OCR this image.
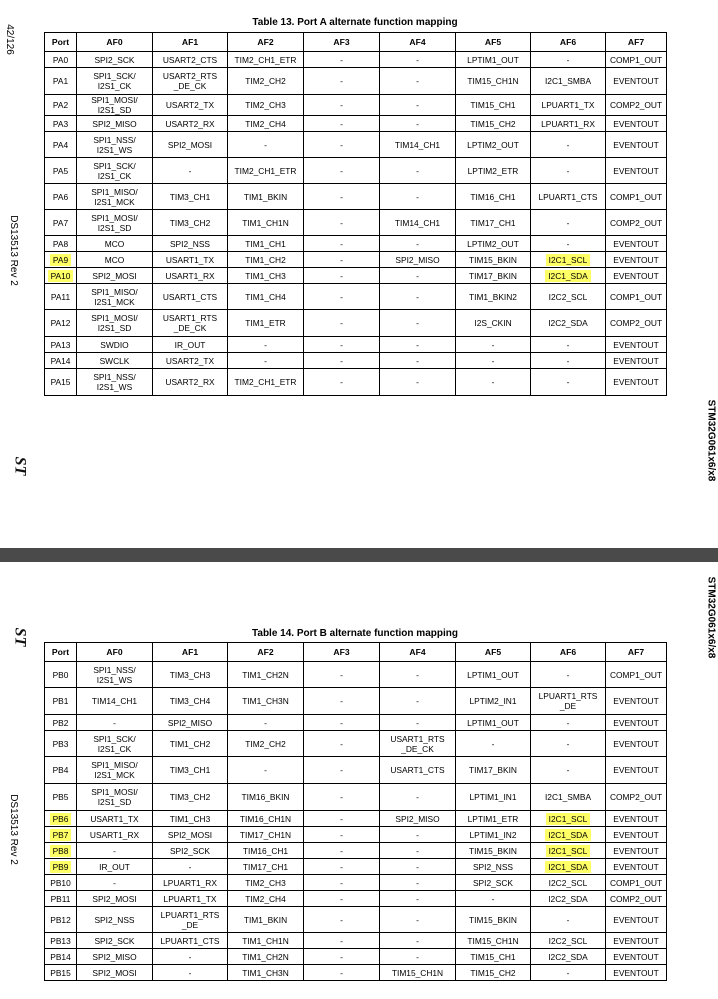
42/126
DS13513 Rev 2
ST	STM32G061x6/x8
Table 13. Port A alternate function mapping
Port	AF0	AF1	AF2	AF3	AF4	AF5	AF6	AF7
PA0	SPI2_SCK	USART2_CTS	TIM2_CH1_ETR	-	-	LPTIM1_OUT	-	COMP1_OUT
PA1	SPI1_SCK/
I2S1_CK	USART2_RTS
_DE_CK	TIM2_CH2	-	-	TIM15_CH1N	I2C1_SMBA	EVENTOUT
PA2	SPI1_MOSI/
I2S1_SD	USART2_TX	TIM2_CH3	-	-	TIM15_CH1	LPUART1_TX	COMP2_OUT
PA3	SPI2_MISO	USART2_RX	TIM2_CH4	-	-	TIM15_CH2	LPUART1_RX	EVENTOUT
PA4	SPI1_NSS/
I2S1_WS	SPI2_MOSI	-	-	TIM14_CH1	LPTIM2_OUT	-	EVENTOUT
PA5	SPI1_SCK/
I2S1_CK	-	TIM2_CH1_ETR	-	-	LPTIM2_ETR	-	EVENTOUT
PA6	SPI1_MISO/
I2S1_MCK	TIM3_CH1	TIM1_BKIN	-	-	TIM16_CH1	LPUART1_CTS	COMP1_OUT
PA7	SPI1_MOSI/
I2S1_SD	TIM3_CH2	TIM1_CH1N	-	TIM14_CH1	TIM17_CH1	-	COMP2_OUT
PA8	MCO	SPI2_NSS	TIM1_CH1	-	-	LPTIM2_OUT	-	EVENTOUT
PA9	MCO	USART1_TX	TIM1_CH2	-	SPI2_MISO	TIM15_BKIN	I2C1_SCL	EVENTOUT
PA10	SPI2_MOSI	USART1_RX	TIM1_CH3	-	-	TIM17_BKIN	I2C1_SDA	EVENTOUT
PA11	SPI1_MISO/
I2S1_MCK	USART1_CTS	TIM1_CH4	-	-	TIM1_BKIN2	I2C2_SCL	COMP1_OUT
PA12	SPI1_MOSI/
I2S1_SD	USART1_RTS
_DE_CK	TIM1_ETR	-	-	I2S_CKIN	I2C2_SDA	COMP2_OUT
PA13	SWDIO	IR_OUT	-	-	-	-	-	EVENTOUT
PA14	SWCLK	USART2_TX	-	-	-	-	-	EVENTOUT
PA15	SPI1_NSS/
I2S1_WS	USART2_RX	TIM2_CH1_ETR	-	-	-	-	EVENTOUT
ST
DS13513 Rev 2
STM32G061x6/x8
Table 14. Port B alternate function mapping
Port	AF0	AF1	AF2	AF3	AF4	AF5	AF6	AF7
PB0	SPI1_NSS/
I2S1_WS	TIM3_CH3	TIM1_CH2N	-	-	LPTIM1_OUT	-	COMP1_OUT
PB1	TIM14_CH1	TIM3_CH4	TIM1_CH3N	-	-	LPTIM2_IN1	LPUART1_RTS
_DE	EVENTOUT
PB2	-	SPI2_MISO	-	-	-	LPTIM1_OUT	-	EVENTOUT
PB3	SPI1_SCK/
I2S1_CK	TIM1_CH2	TIM2_CH2	-	USART1_RTS
_DE_CK	-	-	EVENTOUT
PB4	SPI1_MISO/
I2S1_MCK	TIM3_CH1	-	-	USART1_CTS	TIM17_BKIN	-	EVENTOUT
PB5	SPI1_MOSI/
I2S1_SD	TIM3_CH2	TIM16_BKIN	-	-	LPTIM1_IN1	I2C1_SMBA	COMP2_OUT
PB6	USART1_TX	TIM1_CH3	TIM16_CH1N	-	SPI2_MISO	LPTIM1_ETR	I2C1_SCL	EVENTOUT
PB7	USART1_RX	SPI2_MOSI	TIM17_CH1N	-	-	LPTIM1_IN2	I2C1_SDA	EVENTOUT
PB8	-	SPI2_SCK	TIM16_CH1	-	-	TIM15_BKIN	I2C1_SCL	EVENTOUT
PB9	IR_OUT	-	TIM17_CH1	-	-	SPI2_NSS	I2C1_SDA	EVENTOUT
PB10	-	LPUART1_RX	TIM2_CH3	-	-	SPI2_SCK	I2C2_SCL	COMP1_OUT
PB11	SPI2_MOSI	LPUART1_TX	TIM2_CH4	-	-	-	I2C2_SDA	COMP2_OUT
PB12	SPI2_NSS	LPUART1_RTS
_DE	TIM1_BKIN	-	-	TIM15_BKIN	-	EVENTOUT
PB13	SPI2_SCK	LPUART1_CTS	TIM1_CH1N	-	-	TIM15_CH1N	I2C2_SCL	EVENTOUT
PB14	SPI2_MISO	-	TIM1_CH2N	-	-	TIM15_CH1	I2C2_SDA	EVENTOUT
PB15	SPI2_MOSI	-	TIM1_CH3N	-	TIM15_CH1N	TIM15_CH2	-	EVENTOUT
